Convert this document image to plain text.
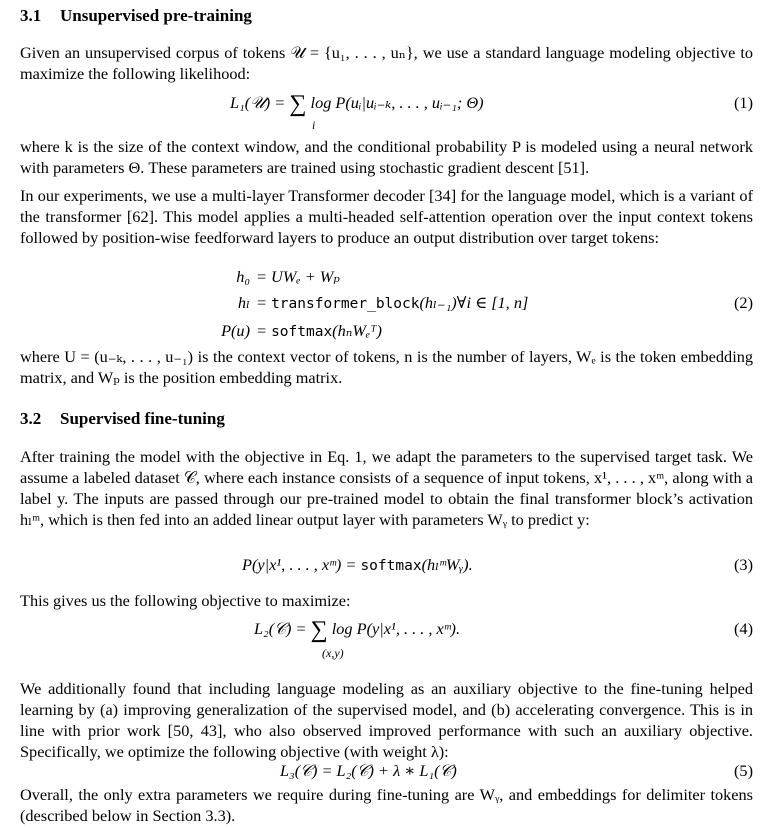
3.1 Unsupervised pre-training
Given an unsupervised corpus of tokens 𝒰 = {u₁, . . . , uₙ}, we use a standard language modeling objective to maximize the following likelihood:
L₁(𝒰) = ∑ log P(uᵢ|uᵢ₋ₖ, . . . , uᵢ₋₁; Θ)
i
(1)
where k is the size of the context window, and the conditional probability P is modeled using a neural network with parameters Θ. These parameters are trained using stochastic gradient descent [51].
In our experiments, we use a multi-layer Transformer decoder [34] for the language model, which is a variant of the transformer [62]. This model applies a multi-headed self-attention operation over the input context tokens followed by position-wise feedforward layers to produce an output distribution over target tokens:
h₀ = UWₑ + Wₚ
hₗ = transformer_block(hₗ₋₁)∀i ∈ [1, n]	(2)
P(u) = softmax(hₙWₑᵀ)
where U = (u₋ₖ, . . . , u₋₁) is the context vector of tokens, n is the number of layers, Wₑ is the token embedding matrix, and Wₚ is the position embedding matrix.
3.2 Supervised fine-tuning
After training the model with the objective in Eq. 1, we adapt the parameters to the supervised target task. We assume a labeled dataset 𝒞, where each instance consists of a sequence of input tokens, x¹, . . . , xᵐ, along with a label y. The inputs are passed through our pre-trained model to obtain the final transformer block’s activation hₗᵐ, which is then fed into an added linear output layer with parameters Wᵧ to predict y:
P(y|x¹, . . . , xᵐ) = softmax(hₗᵐWᵧ).	(3)
This gives us the following objective to maximize:
L₂(𝒞) = ∑ log P(y|x¹, . . . , xᵐ).
(x,y)
(4)
We additionally found that including language modeling as an auxiliary objective to the fine-tuning helped learning by (a) improving generalization of the supervised model, and (b) accelerating convergence. This is in line with prior work [50, 43], who also observed improved performance with such an auxiliary objective. Specifically, we optimize the following objective (with weight λ):
L₃(𝒞) = L₂(𝒞) + λ ∗ L₁(𝒞)	(5)
Overall, the only extra parameters we require during fine-tuning are Wᵧ, and embeddings for delimiter tokens (described below in Section 3.3).
